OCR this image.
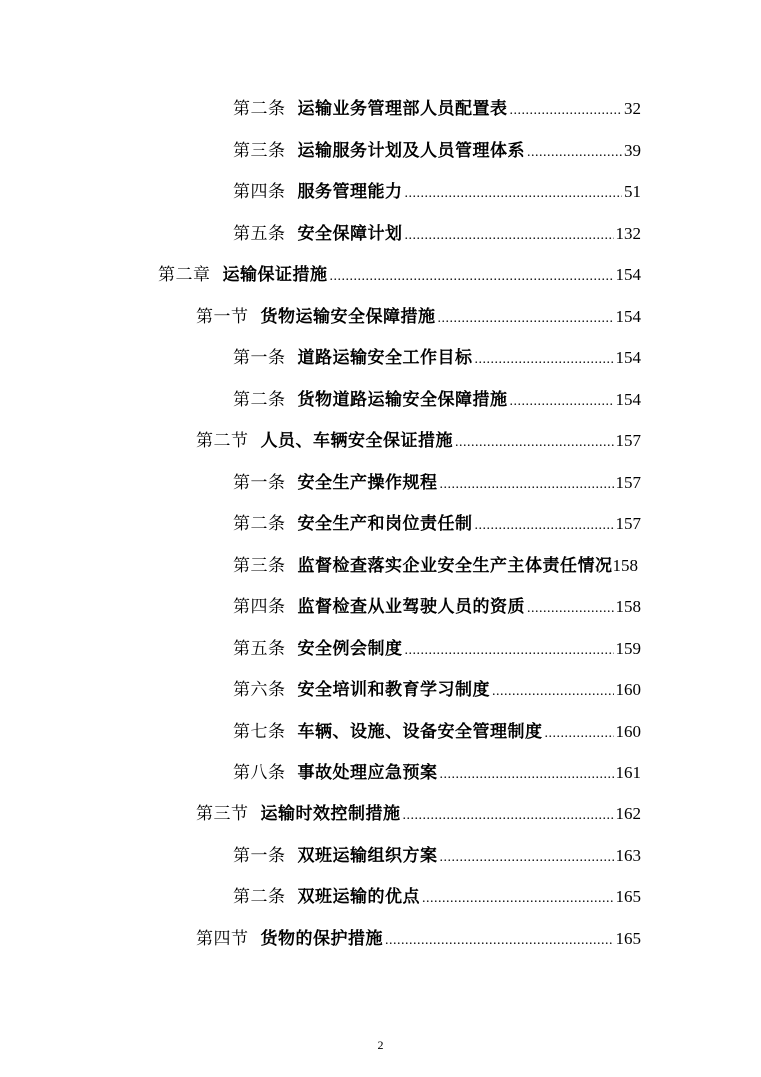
第二条 运输业务管理部人员配置表 .....	32
第三条 运输服务计划及人员管理体系 .....	39
第四条 服务管理能力 .....	51
第五条 安全保障计划 .....	132
第二章 运输保证措施 .....	154
第一节 货物运输安全保障措施 .....	154
第一条 道路运输安全工作目标 .....	154
第二条 货物道路运输安全保障措施 .....	154
第二节 人员、车辆安全保证措施 .....	157
第一条 安全生产操作规程 .....	157
第二条 安全生产和岗位责任制 .....	157
第三条 监督检查落实企业安全生产主体责任情况 158
第四条 监督检查从业驾驶人员的资质 .....	158
第五条 安全例会制度 .....	159
第六条 安全培训和教育学习制度 .....	160
第七条 车辆、设施、设备安全管理制度 .....	160
第八条 事故处理应急预案 .....	161
第三节 运输时效控制措施 .....	162
第一条 双班运输组织方案 .....	163
第二条 双班运输的优点 .....	165
第四节 货物的保护措施 .....	165
2
